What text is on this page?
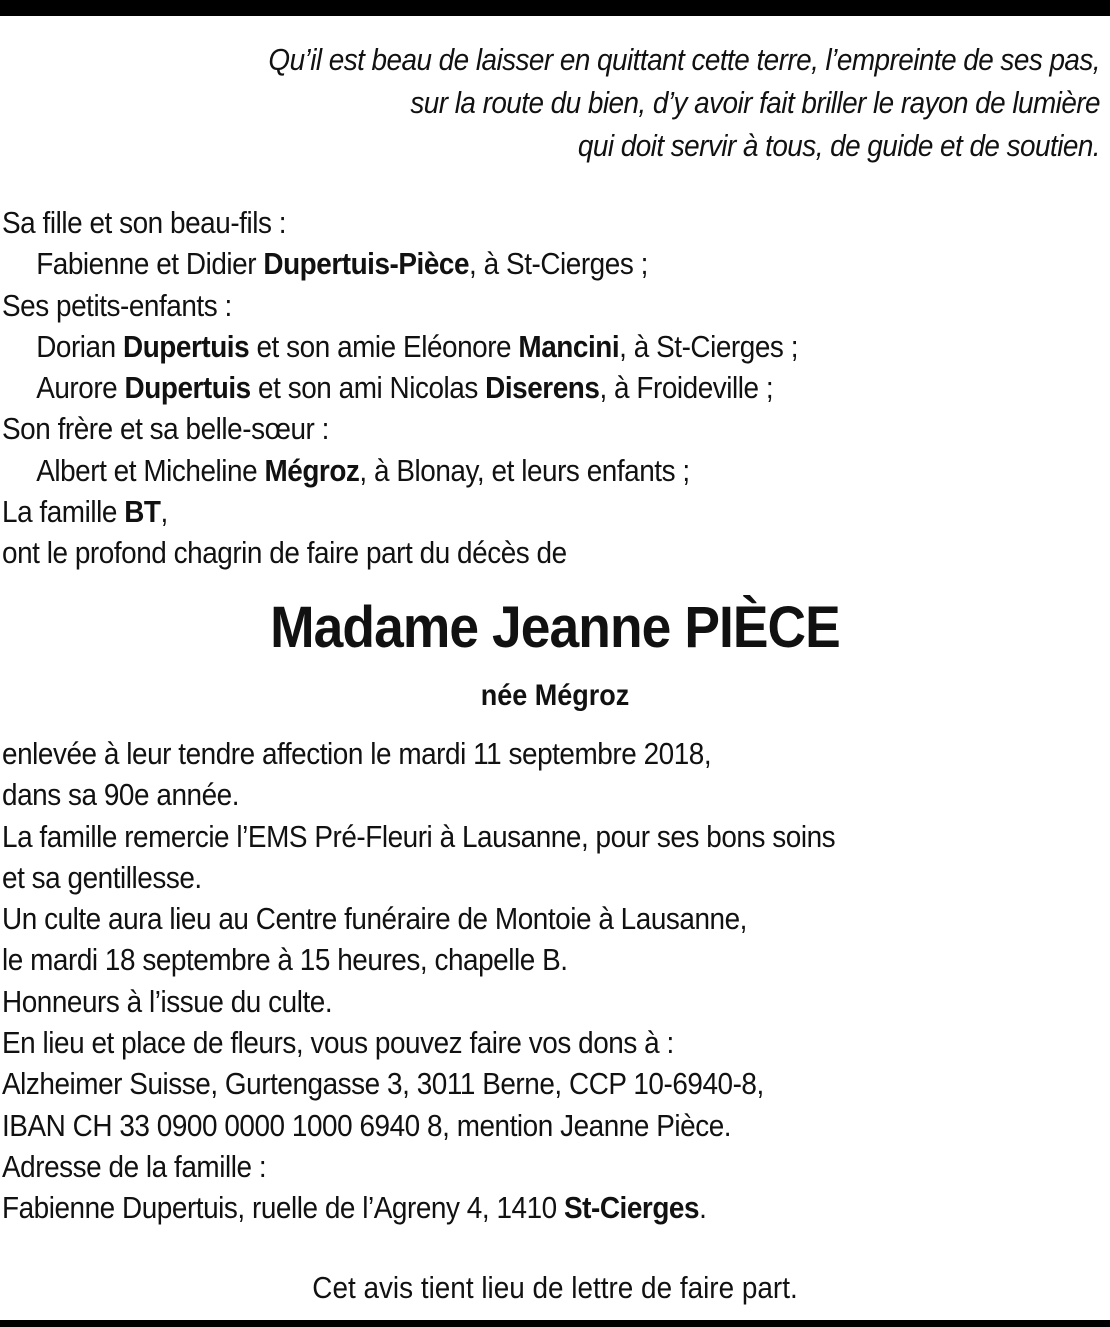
Qu’il est beau de laisser en quittant cette terre, l’empreinte de ses pas,
sur la route du bien, d’y avoir fait briller le rayon de lumière
qui doit servir à tous, de guide et de soutien.
Sa fille et son beau-fils :
Fabienne et Didier Dupertuis-Pièce, à St-Cierges ;
Ses petits-enfants :
Dorian Dupertuis et son amie Eléonore Mancini, à St-Cierges ;
Aurore Dupertuis et son ami Nicolas Diserens, à Froideville ;
Son frère et sa belle-sœur :
Albert et Micheline Mégroz, à Blonay, et leurs enfants ;
La famille BT,
ont le profond chagrin de faire part du décès de
Madame Jeanne PIÈCE
née Mégroz
enlevée à leur tendre affection le mardi 11 septembre 2018,
dans sa 90e année.
La famille remercie l’EMS Pré-Fleuri à Lausanne, pour ses bons soins
et sa gentillesse.
Un culte aura lieu au Centre funéraire de Montoie à Lausanne,
le mardi 18 septembre à 15 heures, chapelle B.
Honneurs à l’issue du culte.
En lieu et place de fleurs, vous pouvez faire vos dons à :
Alzheimer Suisse, Gurtengasse 3, 3011 Berne, CCP 10-6940-8,
IBAN CH 33 0900 0000 1000 6940 8, mention Jeanne Pièce.
Adresse de la famille :
Fabienne Dupertuis, ruelle de l’Agreny 4, 1410 St-Cierges.
Cet avis tient lieu de lettre de faire part.
